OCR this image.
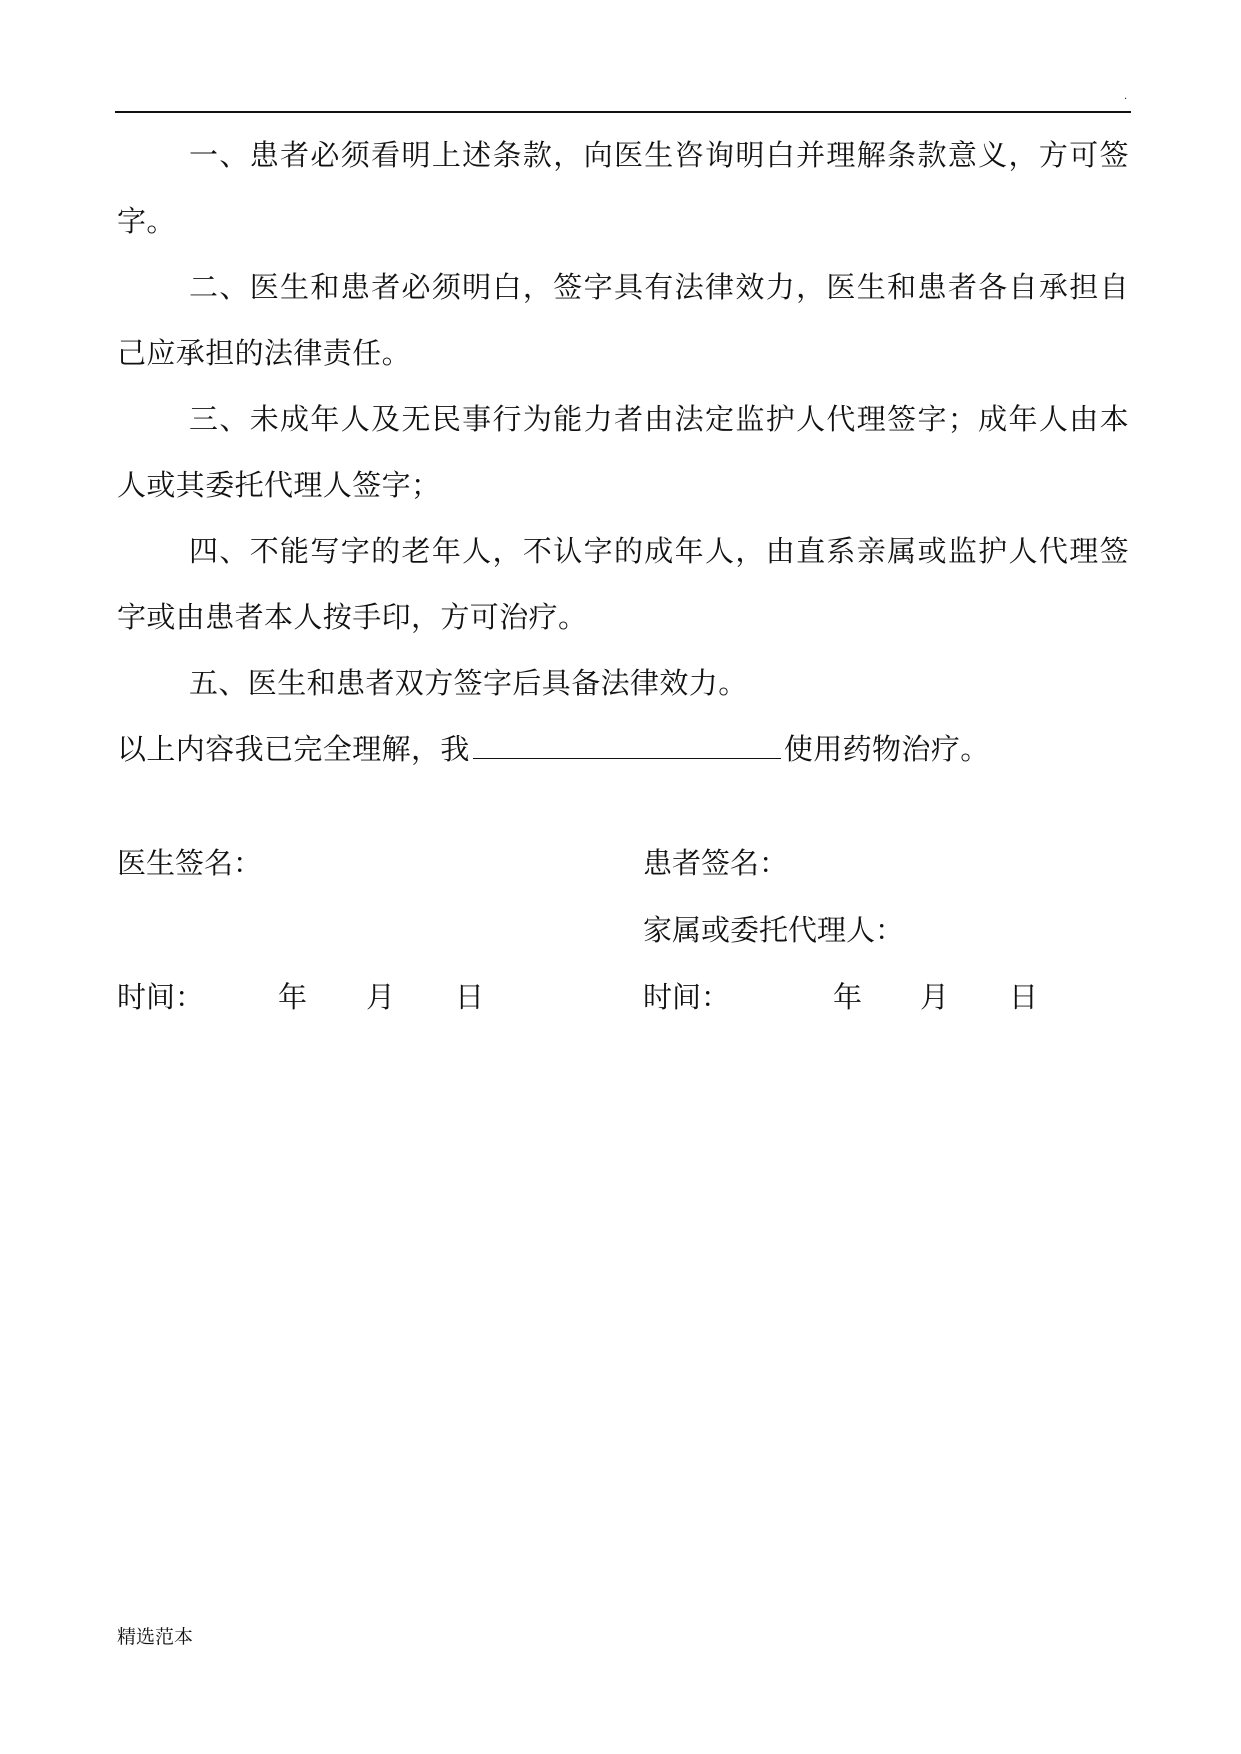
.

一、患者必须看明上述条款，向医生咨询明白并理解条款意义，方可签字。

二、医生和患者必须明白，签字具有法律效力，医生和患者各自承担自己应承担的法律责任。

三、未成年人及无民事行为能力者由法定监护人代理签字；成年人由本人或其委托代理人签字；

四、不能写字的老年人，不认字的成年人，由直系亲属或监护人代理签字或由患者本人按手印，方可治疗。

五、医生和患者双方签字后具备法律效力。

以上内容我已完全理解，我	使用药物治疗。

医生签名：	患者签名：
家属或委托代理人：
时间：	年 月 日	时间：	年 月 日
精选范本
